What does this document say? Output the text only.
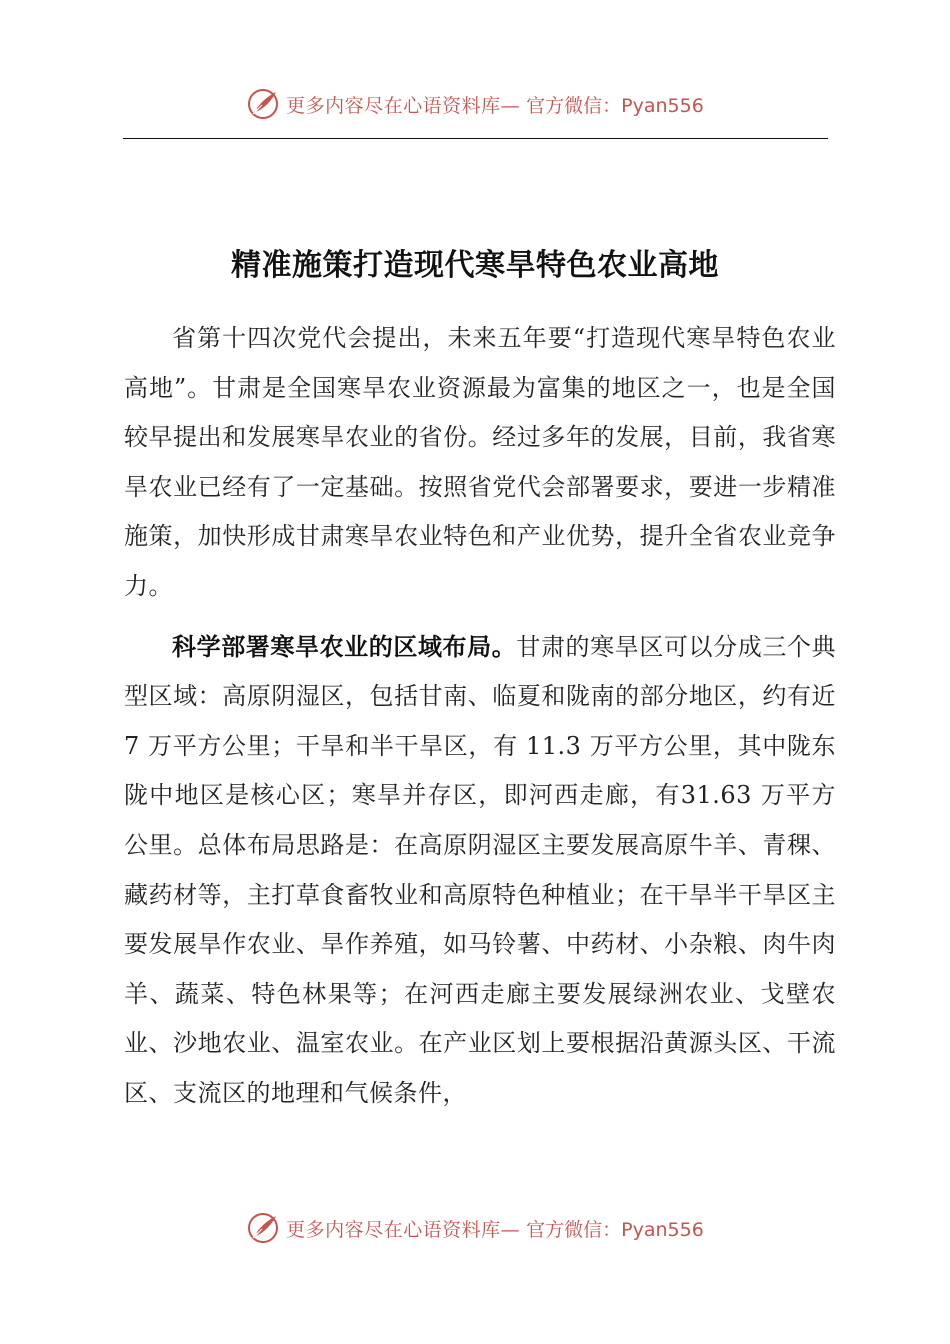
更多内容尽在心语资料库— 官方微信：Pyan556
精准施策打造现代寒旱特色农业高地

省第十四次党代会提出，未来五年要“打造现代寒旱特色农业高地”。甘肃是全国寒旱农业资源最为富集的地区之一，也是全国较早提出和发展寒旱农业的省份。经过多年的发展，目前，我省寒旱农业已经有了一定基础。按照省党代会部署要求，要进一步精准施策，加快形成甘肃寒旱农业特色和产业优势，提升全省农业竞争力。

科学部署寒旱农业的区域布局。甘肃的寒旱区可以分成三个典型区域：高原阴湿区，包括甘南、临夏和陇南的部分地区，约有近 7 万平方公里；干旱和半干旱区，有 11.3 万平方公里，其中陇东陇中地区是核心区；寒旱并存区，即河西走廊，有31.63 万平方公里。总体布局思路是：在高原阴湿区主要发展高原牛羊、青稞、藏药材等，主打草食畜牧业和高原特色种植业；在干旱半干旱区主要发展旱作农业、旱作养殖，如马铃薯、中药材、小杂粮、肉牛肉羊、蔬菜、特色林果等；在河西走廊主要发展绿洲农业、戈壁农业、沙地农业、温室农业。在产业区划上要根据沿黄源头区、干流区、支流区的地理和气候条件，

更多内容尽在心语资料库— 官方微信：Pyan556
